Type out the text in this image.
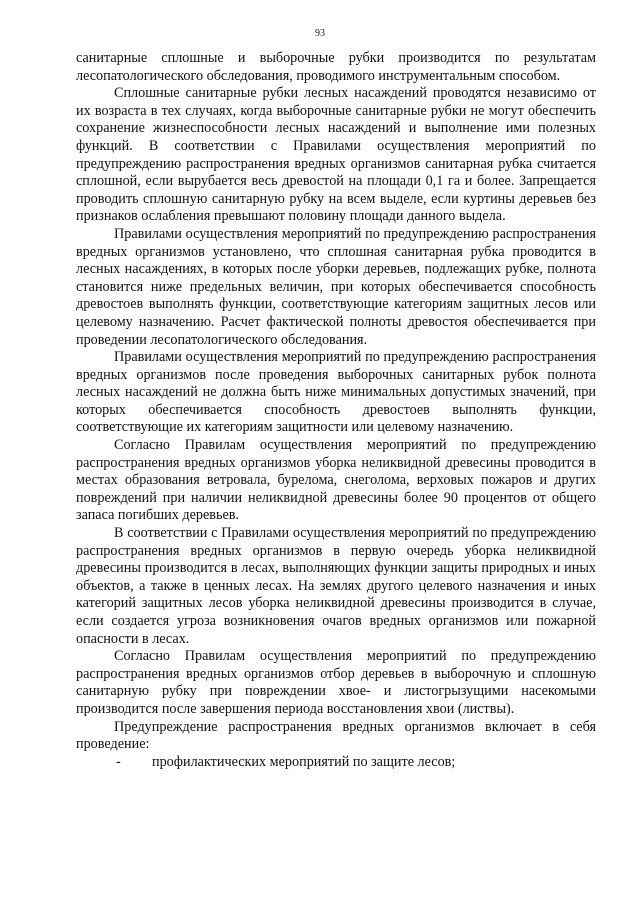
93

санитарные сплошные и выборочные рубки производится по результатам лесопатологического обследования, проводимого инструментальным способом.

Сплошные санитарные рубки лесных насаждений проводятся независимо от их возраста в тех случаях, когда выборочные санитарные рубки не могут обеспечить сохранение жизнеспособности лесных насаждений и выполнение ими полезных функций. В соответствии с Правилами осуществления мероприятий по предупреждению распространения вредных организмов санитарная рубка считается сплошной, если вырубается весь древостой на площади 0,1 га и более. Запрещается проводить сплошную санитарную рубку на всем выделе, если куртины деревьев без признаков ослабления превышают половину площади данного выдела.

Правилами осуществления мероприятий по предупреждению распространения вредных организмов установлено, что сплошная санитарная рубка проводится в лесных насаждениях, в которых после уборки деревьев, подлежащих рубке, полнота становится ниже предельных величин, при которых обеспечивается способность древостоев выполнять функции, соответствующие категориям защитных лесов или целевому назначению. Расчет фактической полноты древостоя обеспечивается при проведении лесопатологического обследования.

Правилами осуществления мероприятий по предупреждению распространения вредных организмов после проведения выборочных санитарных рубок полнота лесных насаждений не должна быть ниже минимальных допустимых значений, при которых обеспечивается способность древостоев выполнять функции, соответствующие их категориям защитности или целевому назначению.

Согласно Правилам осуществления мероприятий по предупреждению распространения вредных организмов уборка неликвидной древесины проводится в местах образования ветровала, бурелома, снеголома, верховых пожаров и других повреждений при наличии неликвидной древесины более 90 процентов от общего запаса погибших деревьев.

В соответствии с Правилами осуществления мероприятий по предупреждению распространения вредных организмов в первую очередь уборка неликвидной древесины производится в лесах, выполняющих функции защиты природных и иных объектов, а также в ценных лесах. На землях другого целевого назначения и иных категорий защитных лесов уборка неликвидной древесины производится в случае, если создается угроза возникновения очагов вредных организмов или пожарной опасности в лесах.

Согласно Правилам осуществления мероприятий по предупреждению распространения вредных организмов отбор деревьев в выборочную и сплошную санитарную рубку при повреждении хвое- и листогрызущими насекомыми производится после завершения периода восстановления хвои (листвы).

Предупреждение распространения вредных организмов включает в себя проведение:

- профилактических мероприятий по защите лесов;
